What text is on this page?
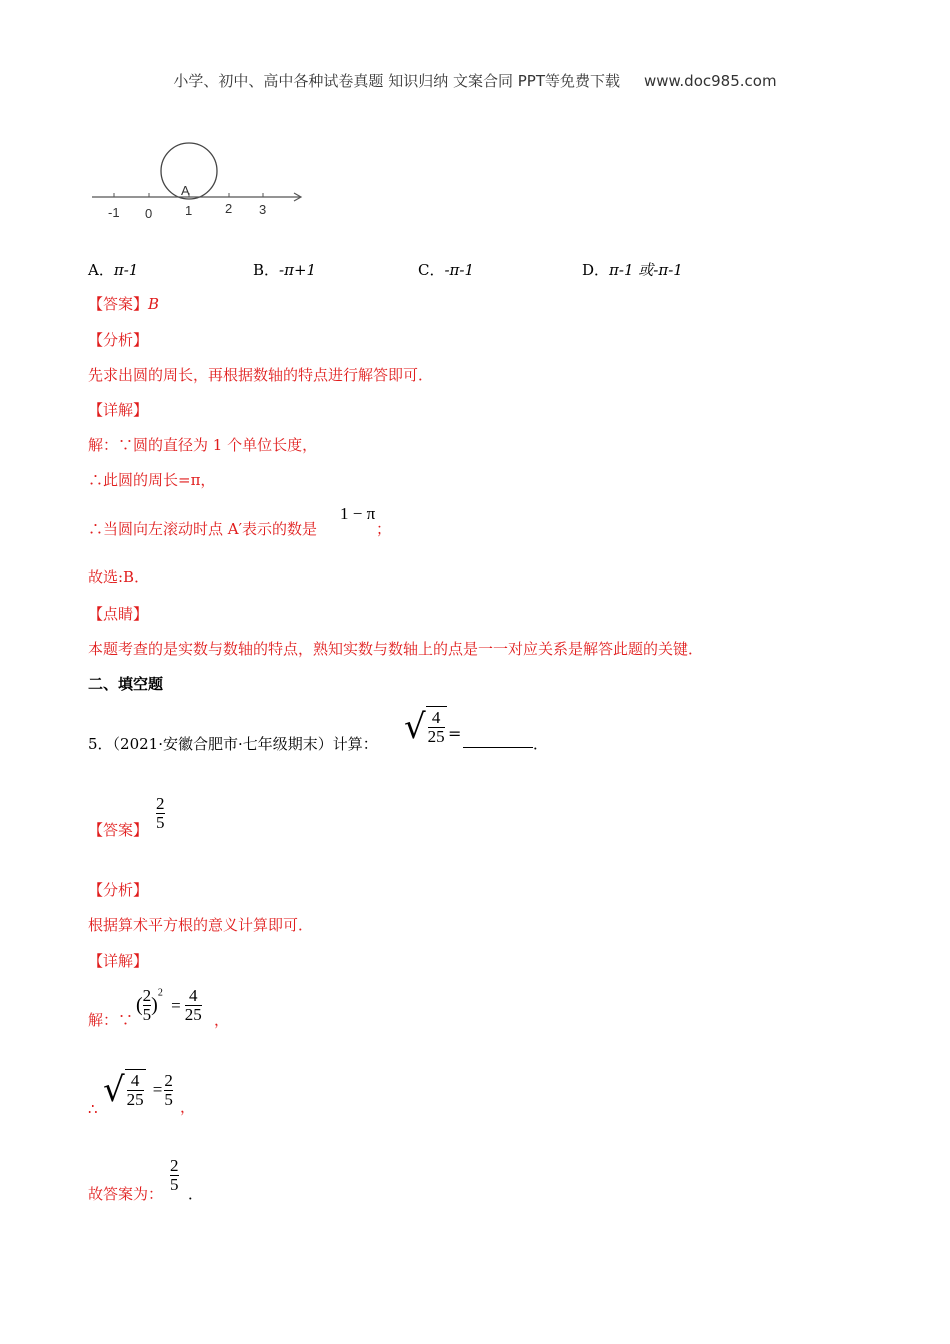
小学、初中、高中各种试卷真题 知识归纳 文案合同 PPT等免费下载 www.doc985.com
A
-1 0	1	2 3
A．π-1	B．-π+1	C．-π-1	D．π-1 或-π-1
【答案】B
【分析】
先求出圆的周长，再根据数轴的特点进行解答即可．
【详解】
解：∵圆的直径为 1 个单位长度，
∴此圆的周长=π，
∴当圆向左滚动时点 A′表示的数是
1 − π
；
故选:B．
【点睛】
本题考查的是实数与数轴的特点，熟知实数与数轴上的点是一一对应关系是解答此题的关键．
二、填空题
5．（2021·安徽合肥市·七年级期末）计算： √ $\frac{4}{25}$ =
．
【答案】 $\frac{2}{5}$
【分析】
根据算术平方根的意义计算即可．
【详解】
解：∵
( $\frac{2}{5} )^2 = \frac{4}{25}$ ，
∴ √ $\frac{4}{25} = \frac{2}{5}$ ，
故答案为： $\frac{2}{5}$ ．
